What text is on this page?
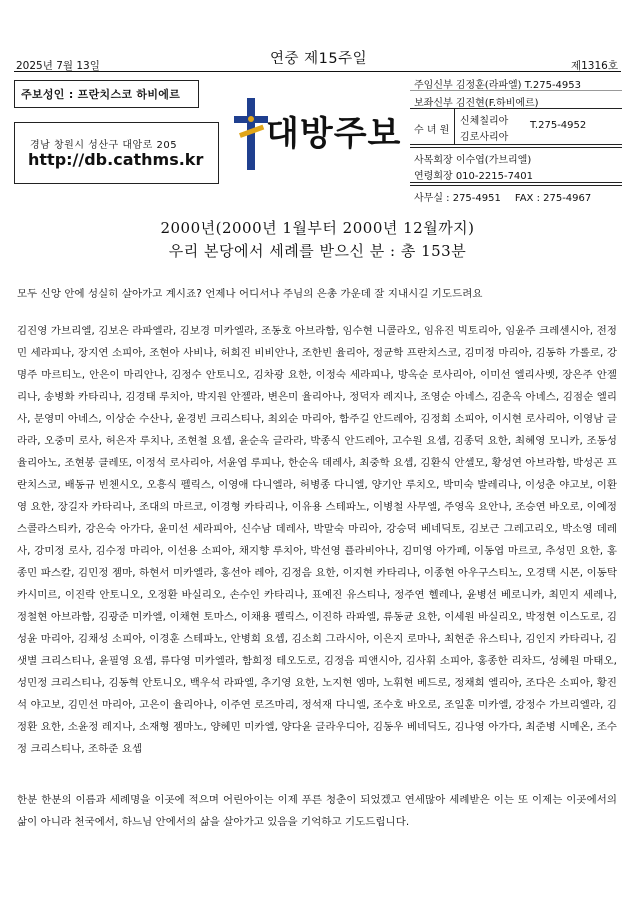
2025년 7월 13일	연중 제15주일	제1316호
주보성인 : 프란치스코 하비에르
경남 창원시 성산구 대암로 205
http://db.cathms.kr
대방주보
주임신부 김정훈(라파엘) T.275-4953
보좌신부 김진현(F.하비에르)
수 녀 원
신체칠리아
김로사리아
T.275-4952
사목회장 이수엽(가브리엘)
연령회장 010-2215-7401
사무실 : 275-4951 FAX : 275-4967
2000년(2000년 1월부터 2000년 12월까지)
우리 본당에서 세례를 받으신 분 : 총 153분
모두 신앙 안에 성실히 살아가고 계시죠? 언제나 어디서나 주님의 은총 가운데 잘 지내시길 기도드려요
김진영 가브리엘, 김보은 라파엘라, 김보경 미카엘라, 조동호 아브라함, 임수현 니콜라오, 임유진 빅토리아, 임윤주 크레센시아, 전정민 세라피나, 장지연 소피아, 조현아 사비나, 허희진 비비안나, 조한빈 율리아, 정균학 프란치스코, 김미정 마리아, 김동하 가롤로, 강명주 마르티노, 안은이 마리안나, 김정수 안토니오, 김차광 요한, 이정숙 세라피나, 방옥순 로사리아, 이미선 엘리사벳, 장은주 안젤리나, 송병화 카타리나, 김경태 루치아, 박지원 안젤라, 변은미 율리아나, 정덕자 레지나, 조영순 아녜스, 김춘옥 아녜스, 김점순 엘리사, 문영미 아녜스, 이상순 수산나, 윤경빈 크리스티나, 최외순 마리아, 함주길 안드레아, 김정희 소피아, 이시현 로사리아, 이영남 글라라, 오중미 로사, 허은자 루치나, 조현철 요셉, 윤순옥 글라라, 박종식 안드레아, 고수원 요셉, 김종덕 요한, 최혜영 모니카, 조동성 율리아노, 조현봉 클레또, 이정석 로사리아, 서윤엽 루피나, 한순옥 데레사, 최중학 요셉, 김환식 안셀모, 황성연 아브라함, 박성곤 프란치스코, 배동규 빈첸시오, 오흥식 펠릭스, 이영애 다니엘라, 허병종 다니엘, 양기안 루치오, 박미숙 발레리나, 이성춘 야고보, 이환영 요한, 장길자 카타리나, 조대의 마르코, 이경형 카타리나, 이유용 스테파노, 이병철 사무엘, 주영옥 요안나, 조승연 바오로, 이예정 스콜라스티카, 강은숙 아가다, 윤미선 세라피아, 신수남 데레사, 박말숙 마리아, 강승덕 베네딕토, 김보근 그레고리오, 박소영 데레사, 강미정 로사, 김수정 마리아, 이선용 소피아, 채지향 루치아, 박선영 플라비아나, 김미영 아가페, 이동엽 마르코, 추성민 요한, 홍종민 파스칼, 김민정 젬마, 하현서 미카엘라, 홍선아 레아, 김정음 요한, 이지현 카타리나, 이종현 아우구스티노, 오경택 시몬, 이동탁 카시미르, 이진락 안토니오, 오정환 바실리오, 손수인 카타리나, 표예진 유스티나, 정주연 헬레나, 윤병선 베로니카, 최민지 세레나, 정철현 아브라함, 김광준 미카엘, 이채현 토마스, 이채용 펠릭스, 이진하 라파엘, 류동균 요한, 이세원 바실리오, 박정현 이스도로, 김성윤 마리아, 김채성 소피아, 이경훈 스테파노, 안병희 요셉, 김소희 그라시아, 이은지 로마나, 최현준 유스티나, 김인지 카타리나, 김샛별 크리스티나, 윤필영 요셉, 류다영 미카엘라, 함희정 테오도로, 김정음 피앤시아, 김사휘 소피아, 홍종한 리차드, 성혜원 마태오, 성민정 크리스티나, 김동혁 안토니오, 백우석 라파엘, 추기영 요한, 노지현 엠마, 노휘현 베드로, 정채희 엘리아, 조다은 소피아, 황진석 야고보, 김민선 마리아, 고은이 율리아나, 이주연 로즈마리, 정석재 다니엘, 조수호 바오로, 조일훈 미카엘, 강정수 가브리엘라, 김정환 요한, 소윤정 레지나, 소재형 젬마노, 양혜민 미카엘, 양다윤 글라우디아, 김동우 베네딕도, 김나영 아가다, 최준병 시메온, 조수정 크리스티나, 조하준 요셉
한분 한분의 이름과 세례명을 이곳에 적으며 어린아이는 이제 푸른 청춘이 되었겠고 연세많아 세례받은 이는 또 이제는 이곳에서의 삶이 아니라 천국에서, 하느님 안에서의 삶을 살아가고 있음을 기억하고 기도드립니다.
